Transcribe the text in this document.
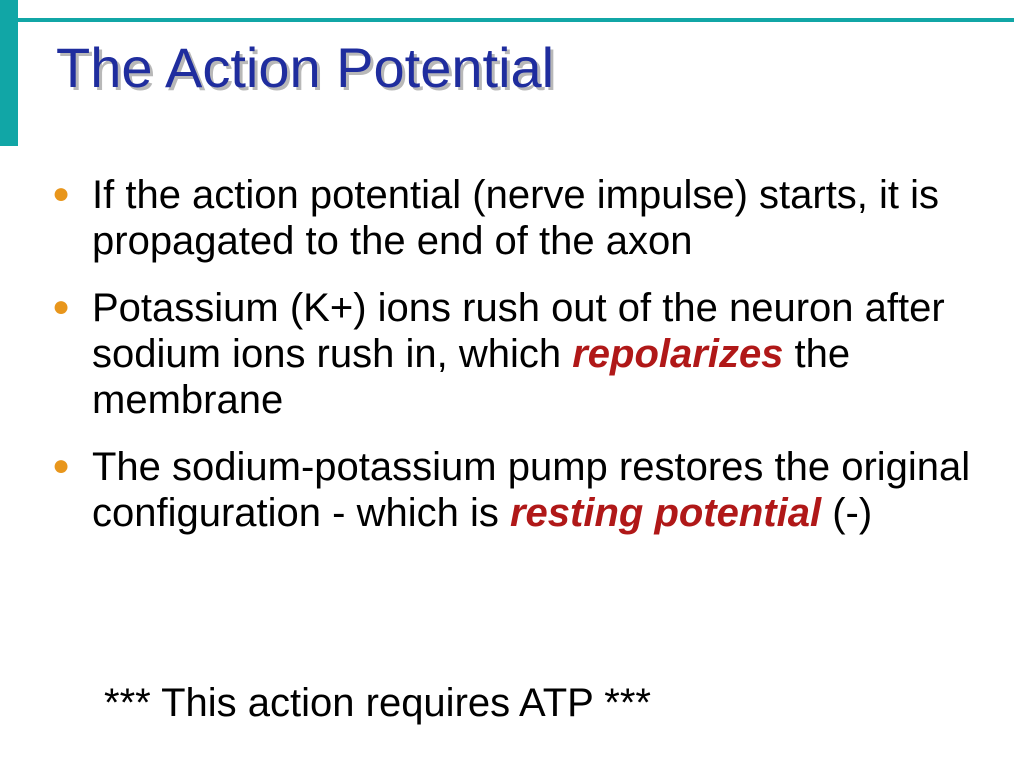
The Action Potential
● If the action potential (nerve impulse) starts, it is propagated to the end of the axon
● Potassium (K+) ions rush out of the neuron after sodium ions rush in, which repolarizes the membrane
● The sodium-potassium pump restores the original configuration - which is resting potential (-)
*** This action requires ATP ***
